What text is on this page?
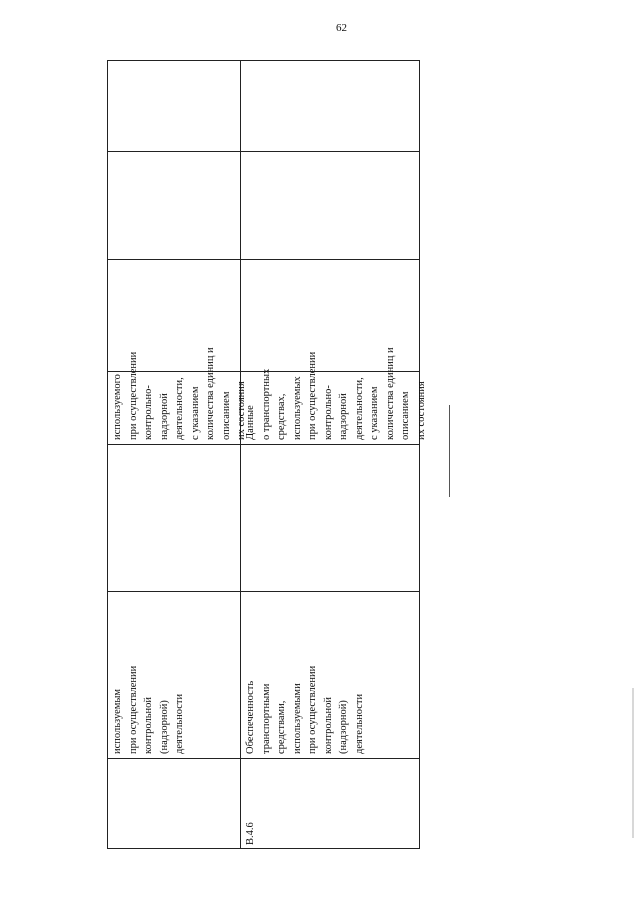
62
используемым при осуществлении контрольной (надзорной) деятельности
используемого при осуществлении контрольно- надзорной деятельности, с указанием количества единиц и описанием их состояния
В.4.6
Обеспеченность транспортными средствами, используемыми при осуществлении контрольной (надзорной) деятельности
Данные о транспортных средствах, используемых при осуществлении контрольно- надзорной деятельности, с указанием количества единиц и описанием их состояния
